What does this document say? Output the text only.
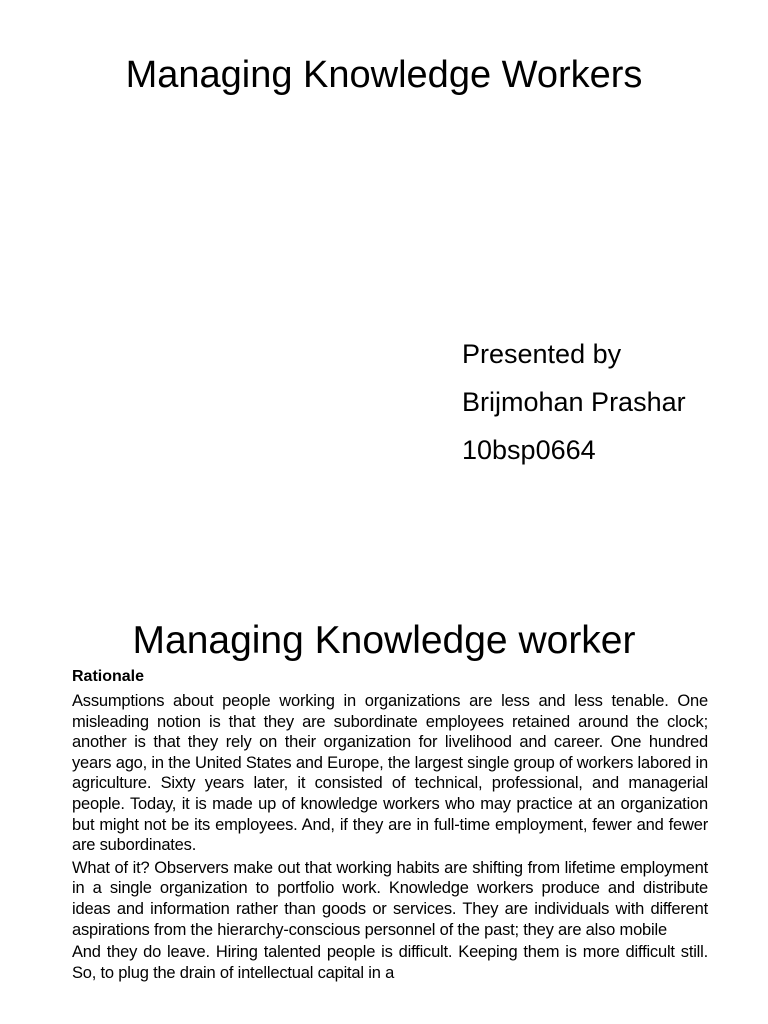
Managing Knowledge Workers
Presented by
Brijmohan Prashar
10bsp0664
Managing Knowledge worker
Rationale

Assumptions about people working in organizations are less and less tenable. One misleading notion is that they are subordinate employees retained around the clock; another is that they rely on their organization for livelihood and career. One hundred years ago, in the United States and Europe, the largest single group of workers labored in agriculture. Sixty years later, it consisted of technical, professional, and managerial people. Today, it is made up of knowledge workers who may practice at an organization but might not be its employees. And, if they are in full-time employment, fewer and fewer are subordinates.

What of it? Observers make out that working habits are shifting from lifetime employment in a single organization to portfolio work. Knowledge workers produce and distribute ideas and information rather than goods or services. They are individuals with different aspirations from the hierarchy-conscious personnel of the past; they are also mobile

And they do leave. Hiring talented people is difficult. Keeping them is more difficult still. So, to plug the drain of intellectual capital in a
